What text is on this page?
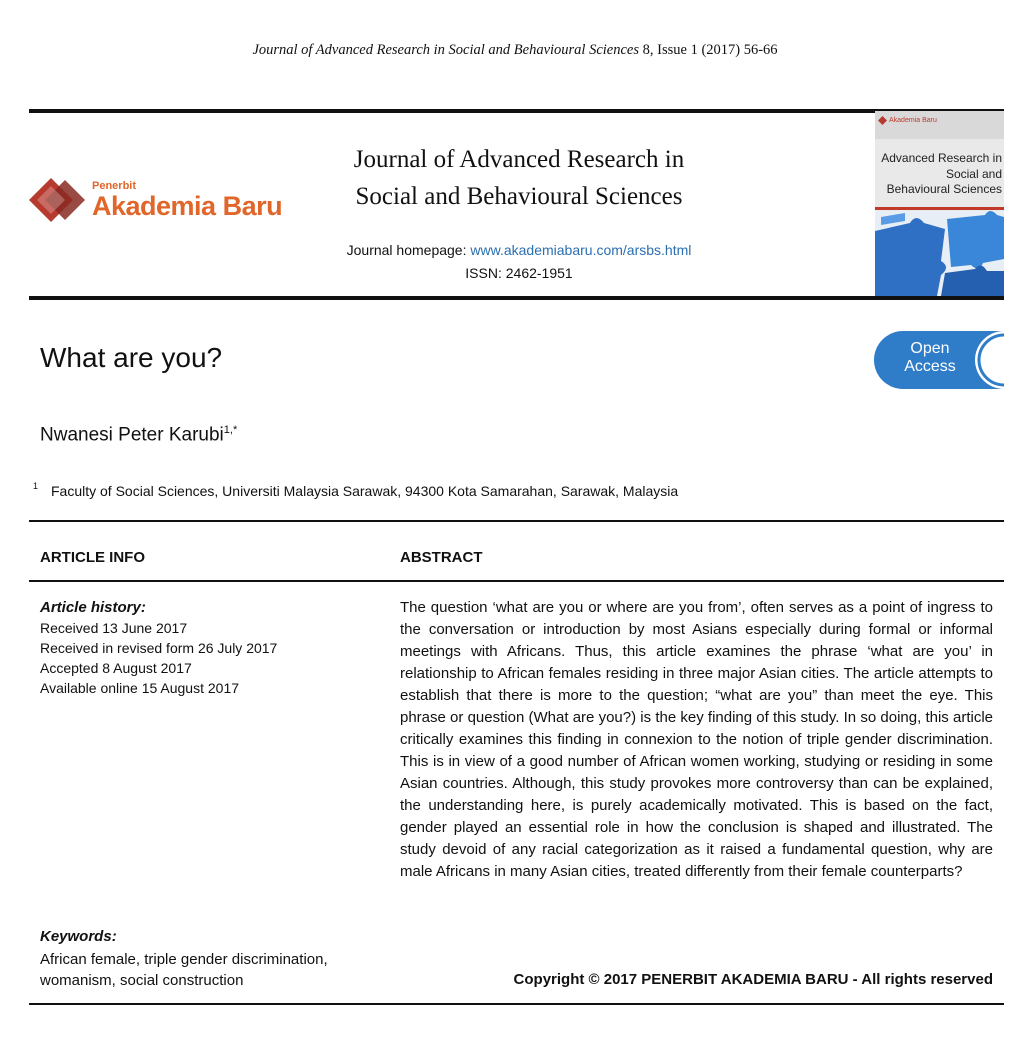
Journal of Advanced Research in Social and Behavioural Sciences 8, Issue 1 (2017) 56-66
Penerbit
Akademia Baru
Journal of Advanced Research in
Social and Behavioural Sciences
Journal homepage: www.akademiabaru.com/arsbs.html
ISSN: 2462-1951
Akademia Baru
Advanced Research in
Social and
Behavioural Sciences
Open
Access
What are you?
Nwanesi Peter Karubi$^{1,*}$
1 Faculty of Social Sciences, Universiti Malaysia Sarawak, 94300 Kota Samarahan, Sarawak, Malaysia
ARTICLE INFO	ABSTRACT
Article history:
Received 13 June 2017
Received in revised form 26 July 2017
Accepted 8 August 2017
Available online 15 August 2017
The question ‘what are you or where are you from’, often serves as a point of ingress to the conversation or introduction by most Asians especially during formal or informal meetings with Africans. Thus, this article examines the phrase ‘what are you’ in relationship to African females residing in three major Asian cities. The article attempts to establish that there is more to the question; “what are you” than meet the eye. This phrase or question (What are you?) is the key finding of this study. In so doing, this article critically examines this finding in connexion to the notion of triple gender discrimination. This is in view of a good number of African women working, studying or residing in some Asian countries. Although, this study provokes more controversy than can be explained, the understanding here, is purely academically motivated. This is based on the fact, gender played an essential role in how the conclusion is shaped and illustrated. The study devoid of any racial categorization as it raised a fundamental question, why are male Africans in many Asian cities, treated differently from their female counterparts?
Keywords:
African female, triple gender discrimination, womanism, social construction	Copyright © 2017 PENERBIT AKADEMIA BARU - All rights reserved
